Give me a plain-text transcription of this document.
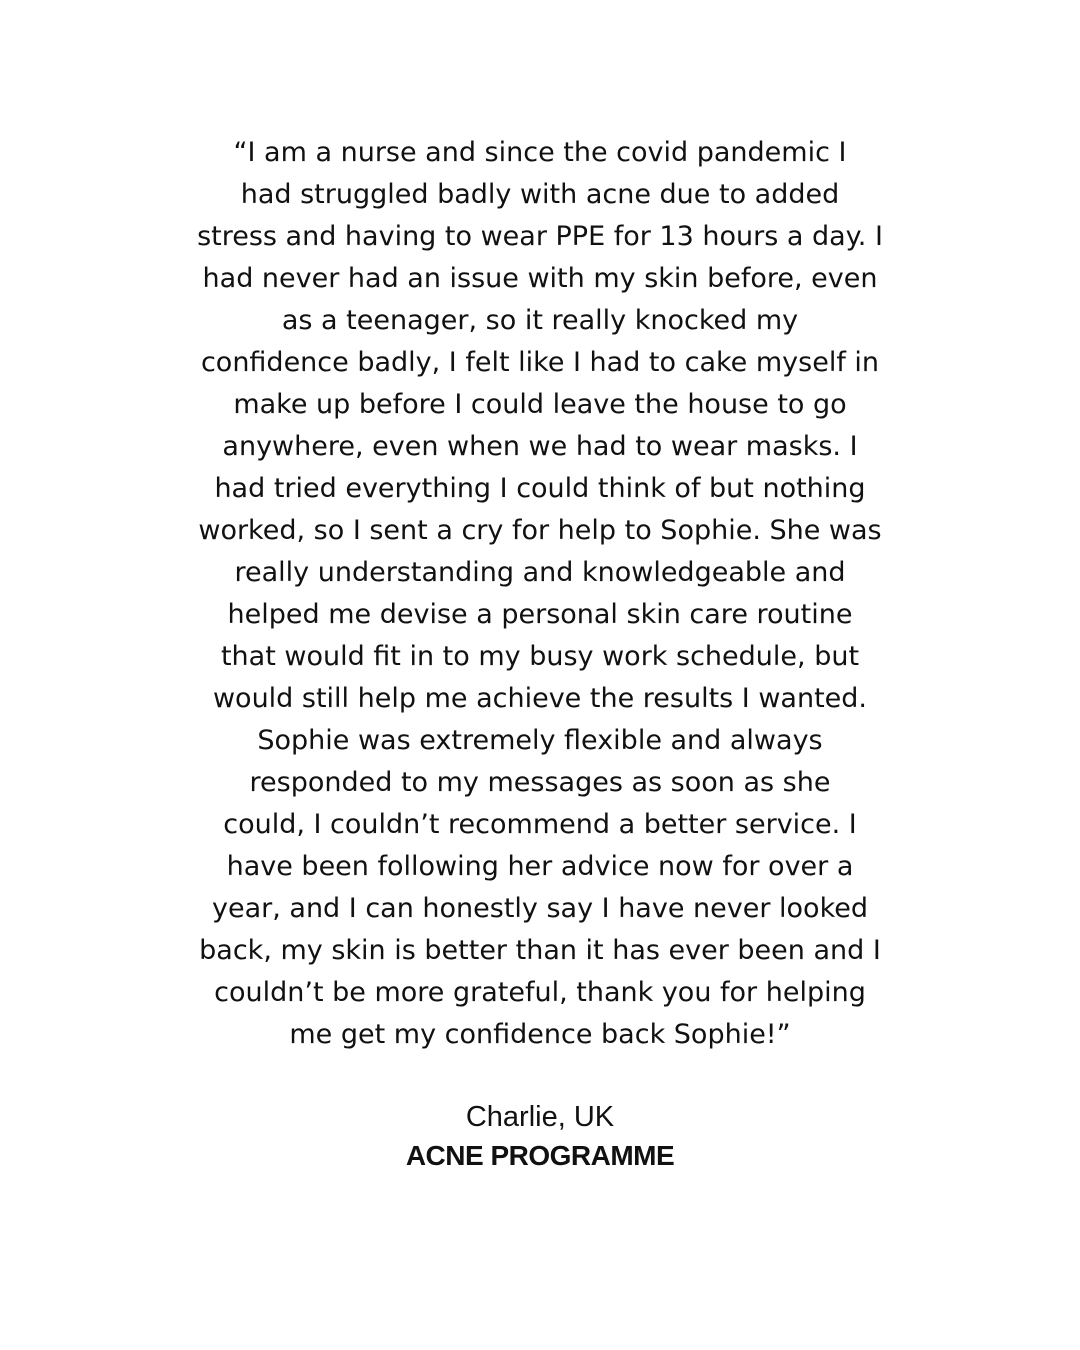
“I am a nurse and since the covid pandemic I
had struggled badly with acne due to added
stress and having to wear PPE for 13 hours a day. I
had never had an issue with my skin before, even
as a teenager, so it really knocked my
confidence badly, I felt like I had to cake myself in
make up before I could leave the house to go
anywhere, even when we had to wear masks. I
had tried everything I could think of but nothing
worked, so I sent a cry for help to Sophie. She was
really understanding and knowledgeable and
helped me devise a personal skin care routine
that would fit in to my busy work schedule, but
would still help me achieve the results I wanted.
Sophie was extremely flexible and always
responded to my messages as soon as she
could, I couldn’t recommend a better service. I
have been following her advice now for over a
year, and I can honestly say I have never looked
back, my skin is better than it has ever been and I
couldn’t be more grateful, thank you for helping
me get my confidence back Sophie!”

Charlie, UK
ACNE PROGRAMME
